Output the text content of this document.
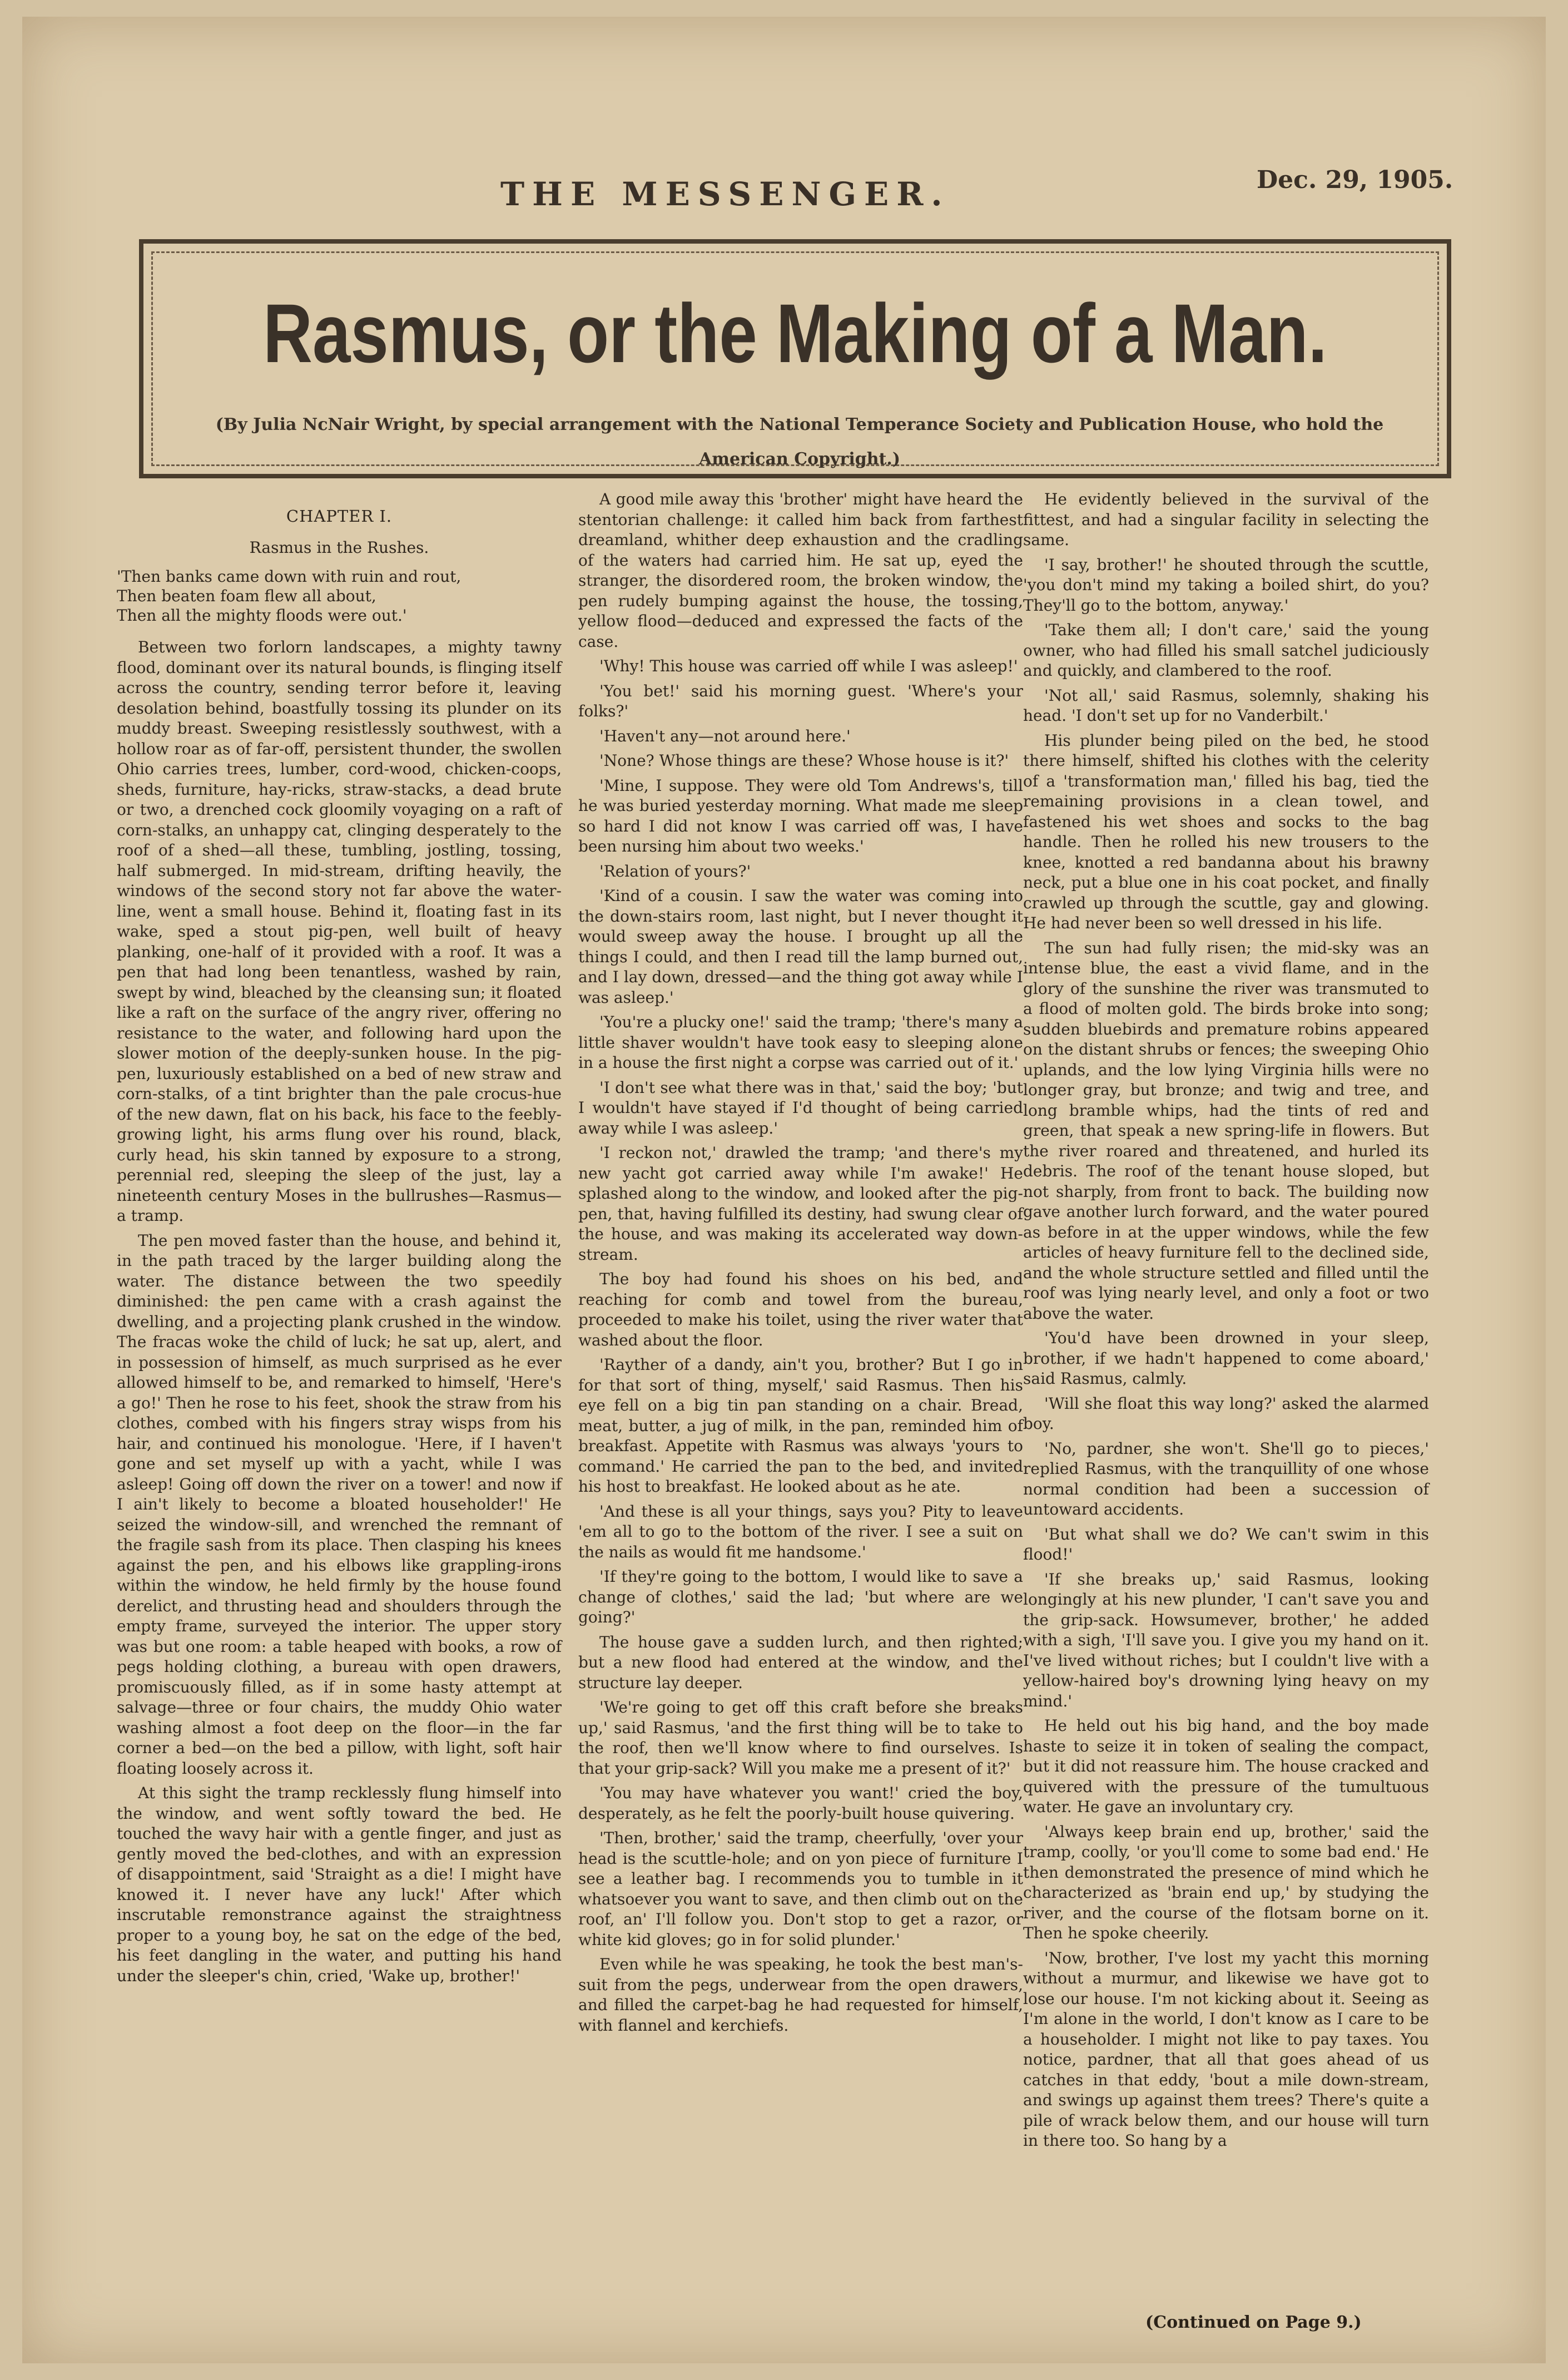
THE MESSENGER.	Dec. 29, 1905.
Rasmus, or the Making of a Man.
(By Julia NcNair Wright, by special arrangement with the National Temperance Society and Publication House, who hold the American Copyright.)
CHAPTER I.
Rasmus in the Rushes.
'Then banks came down with ruin and rout,
Then beaten foam flew all about,
Then all the mighty floods were out.'

Between two forlorn landscapes, a mighty tawny flood, dominant over its natural bounds, is flinging itself across the country, sending terror before it, leaving desolation behind, boastfully tossing its plunder on its muddy breast. Sweeping resistlessly southwest, with a hollow roar as of far-off, persistent thunder, the swollen Ohio carries trees, lumber, cord-wood, chicken-coops, sheds, furniture, hay-ricks, straw-stacks, a dead brute or two, a drenched cock gloomily voyaging on a raft of corn-stalks, an unhappy cat, clinging desperately to the roof of a shed—all these, tumbling, jostling, tossing, half submerged. In mid-stream, drifting heavily, the windows of the second story not far above the water-line, went a small house. Behind it, floating fast in its wake, sped a stout pig-pen, well built of heavy planking, one-half of it provided with a roof. It was a pen that had long been tenantless, washed by rain, swept by wind, bleached by the cleansing sun; it floated like a raft on the surface of the angry river, offering no resistance to the water, and following hard upon the slower motion of the deeply-sunken house. In the pig-pen, luxuriously established on a bed of new straw and corn-stalks, of a tint brighter than the pale crocus-hue of the new dawn, flat on his back, his face to the feebly-growing light, his arms flung over his round, black, curly head, his skin tanned by exposure to a strong, perennial red, sleeping the sleep of the just, lay a nineteenth century Moses in the bullrushes—Rasmus—a tramp.

The pen moved faster than the house, and behind it, in the path traced by the larger building along the water. The distance between the two speedily diminished: the pen came with a crash against the dwelling, and a projecting plank crushed in the window. The fracas woke the child of luck; he sat up, alert, and in possession of himself, as much surprised as he ever allowed himself to be, and remarked to himself, 'Here's a go!' Then he rose to his feet, shook the straw from his clothes, combed with his fingers stray wisps from his hair, and continued his monologue. 'Here, if I haven't gone and set myself up with a yacht, while I was asleep! Going off down the river on a tower! and now if I ain't likely to become a bloated householder!' He seized the window-sill, and wrenched the remnant of the fragile sash from its place. Then clasping his knees against the pen, and his elbows like grappling-irons within the window, he held firmly by the house found derelict, and thrusting head and shoulders through the empty frame, surveyed the interior. The upper story was but one room: a table heaped with books, a row of pegs holding clothing, a bureau with open drawers, promiscuously filled, as if in some hasty attempt at salvage—three or four chairs, the muddy Ohio water washing almost a foot deep on the floor—in the far corner a bed—on the bed a pillow, with light, soft hair floating loosely across it.

At this sight the tramp recklessly flung himself into the window, and went softly toward the bed. He touched the wavy hair with a gentle finger, and just as gently moved the bed-clothes, and with an expression of disappointment, said 'Straight as a die! I might have knowed it. I never have any luck!' After which inscrutable remonstrance against the straightness proper to a young boy, he sat on the edge of the bed, his feet dangling in the water, and putting his hand under the sleeper's chin, cried, 'Wake up, brother!'

A good mile away this 'brother' might have heard the stentorian challenge: it called him back from farthest dreamland, whither deep exhaustion and the cradling of the waters had carried him. He sat up, eyed the stranger, the disordered room, the broken window, the pen rudely bumping against the house, the tossing, yellow flood—deduced and expressed the facts of the case.

'Why! This house was carried off while I was asleep!'

'You bet!' said his morning guest. 'Where's your folks?'

'Haven't any—not around here.'

'None? Whose things are these? Whose house is it?'

'Mine, I suppose. They were old Tom Andrews's, till he was buried yesterday morning. What made me sleep so hard I did not know I was carried off was, I have been nursing him about two weeks.'

'Relation of yours?'

'Kind of a cousin. I saw the water was coming into the down-stairs room, last night, but I never thought it would sweep away the house. I brought up all the things I could, and then I read till the lamp burned out, and I lay down, dressed—and the thing got away while I was asleep.'

'You're a plucky one!' said the tramp; 'there's many a little shaver wouldn't have took easy to sleeping alone in a house the first night a corpse was carried out of it.'

'I don't see what there was in that,' said the boy; 'but I wouldn't have stayed if I'd thought of being carried away while I was asleep.'

'I reckon not,' drawled the tramp; 'and there's my new yacht got carried away while I'm awake!' He splashed along to the window, and looked after the pig-pen, that, having fulfilled its destiny, had swung clear of the house, and was making its accelerated way down-stream.

The boy had found his shoes on his bed, and reaching for comb and towel from the bureau, proceeded to make his toilet, using the river water that washed about the floor.

'Rayther of a dandy, ain't you, brother? But I go in for that sort of thing, myself,' said Rasmus. Then his eye fell on a big tin pan standing on a chair. Bread, meat, butter, a jug of milk, in the pan, reminded him of breakfast. Appetite with Rasmus was always 'yours to command.' He carried the pan to the bed, and invited his host to breakfast. He looked about as he ate.

'And these is all your things, says you? Pity to leave 'em all to go to the bottom of the river. I see a suit on the nails as would fit me handsome.'

'If they're going to the bottom, I would like to save a change of clothes,' said the lad; 'but where are we going?'

The house gave a sudden lurch, and then righted; but a new flood had entered at the window, and the structure lay deeper.

'We're going to get off this craft before she breaks up,' said Rasmus, 'and the first thing will be to take to the roof, then we'll know where to find ourselves. Is that your grip-sack? Will you make me a present of it?'

'You may have whatever you want!' cried the boy, desperately, as he felt the poorly-built house quivering.

'Then, brother,' said the tramp, cheerfully, 'over your head is the scuttle-hole; and on yon piece of furniture I see a leather bag. I recommends you to tumble in it whatsoever you want to save, and then climb out on the roof, an' I'll follow you. Don't stop to get a razor, or white kid gloves; go in for solid plunder.'

Even while he was speaking, he took the best man's-suit from the pegs, underwear from the open drawers, and filled the carpet-bag he had requested for himself, with flannel and kerchiefs.

He evidently believed in the survival of the fittest, and had a singular facility in selecting the same.

'I say, brother!' he shouted through the scuttle, 'you don't mind my taking a boiled shirt, do you? They'll go to the bottom, anyway.'

'Take them all; I don't care,' said the young owner, who had filled his small satchel judiciously and quickly, and clambered to the roof.

'Not all,' said Rasmus, solemnly, shaking his head. 'I don't set up for no Vanderbilt.'

His plunder being piled on the bed, he stood there himself, shifted his clothes with the celerity of a 'transformation man,' filled his bag, tied the remaining provisions in a clean towel, and fastened his wet shoes and socks to the bag handle. Then he rolled his new trousers to the knee, knotted a red bandanna about his brawny neck, put a blue one in his coat pocket, and finally crawled up through the scuttle, gay and glowing. He had never been so well dressed in his life.

The sun had fully risen; the mid-sky was an intense blue, the east a vivid flame, and in the glory of the sunshine the river was transmuted to a flood of molten gold. The birds broke into song; sudden bluebirds and premature robins appeared on the distant shrubs or fences; the sweeping Ohio uplands, and the low lying Virginia hills were no longer gray, but bronze; and twig and tree, and long bramble whips, had the tints of red and green, that speak a new spring-life in flowers. But the river roared and threatened, and hurled its debris. The roof of the tenant house sloped, but not sharply, from front to back. The building now gave another lurch forward, and the water poured as before in at the upper windows, while the few articles of heavy furniture fell to the declined side, and the whole structure settled and filled until the roof was lying nearly level, and only a foot or two above the water.

'You'd have been drowned in your sleep, brother, if we hadn't happened to come aboard,' said Rasmus, calmly.

'Will she float this way long?' asked the alarmed boy.

'No, pardner, she won't. She'll go to pieces,' replied Rasmus, with the tranquillity of one whose normal condition had been a succession of untoward accidents.

'But what shall we do? We can't swim in this flood!'

'If she breaks up,' said Rasmus, looking longingly at his new plunder, 'I can't save you and the grip-sack. Howsumever, brother,' he added with a sigh, 'I'll save you. I give you my hand on it. I've lived without riches; but I couldn't live with a yellow-haired boy's drowning lying heavy on my mind.'

He held out his big hand, and the boy made haste to seize it in token of sealing the compact, but it did not reassure him. The house cracked and quivered with the pressure of the tumultuous water. He gave an involuntary cry.

'Always keep brain end up, brother,' said the tramp, coolly, 'or you'll come to some bad end.' He then demonstrated the presence of mind which he characterized as 'brain end up,' by studying the river, and the course of the flotsam borne on it. Then he spoke cheerily.

'Now, brother, I've lost my yacht this morning without a murmur, and likewise we have got to lose our house. I'm not kicking about it. Seeing as I'm alone in the world, I don't know as I care to be a householder. I might not like to pay taxes. You notice, pardner, that all that goes ahead of us catches in that eddy, 'bout a mile down-stream, and swings up against them trees? There's quite a pile of wrack below them, and our house will turn in there too. So hang by a

(Continued on Page 9.)
